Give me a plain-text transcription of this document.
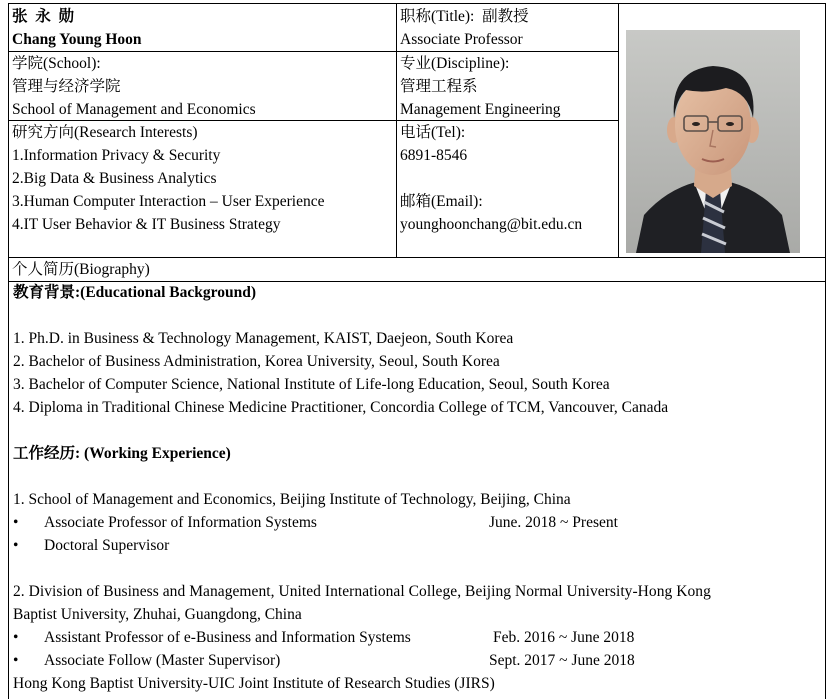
张  永  勋
Chang Young Hoon
职称(Title):  副教授
Associate Professor
学院(School):
管理与经济学院
School of Management and Economics
专业(Discipline):
管理工程系
Management Engineering
研究方向(Research Interests)
1.Information Privacy & Security
2.Big Data & Business Analytics
3.Human Computer Interaction – User Experience
4.IT User Behavior & IT Business Strategy
电话(Tel):
6891-8546
邮箱(Email):
younghoonchang@bit.edu.cn
个人简历(Biography)
教育背景:(Educational Background)
1. Ph.D. in Business & Technology Management, KAIST, Daejeon, South Korea
2. Bachelor of Business Administration, Korea University, Seoul, South Korea
3. Bachelor of Computer Science, National Institute of Life-long Education, Seoul, South Korea
4. Diploma in Traditional Chinese Medicine Practitioner, Concordia College of TCM, Vancouver, Canada
工作经历: (Working Experience)
1. School of Management and Economics, Beijing Institute of Technology, Beijing, China
• Associate Professor of Information Systems	June. 2018 ~ Present
• Doctoral Supervisor
2. Division of Business and Management, United International College, Beijing Normal University-Hong Kong
Baptist University, Zhuhai, Guangdong, China
• Assistant Professor of e-Business and Information Systems	Feb. 2016 ~ June 2018
• Associate Follow (Master Supervisor)	Sept. 2017 ~ June 2018
Hong Kong Baptist University-UIC Joint Institute of Research Studies (JIRS)
